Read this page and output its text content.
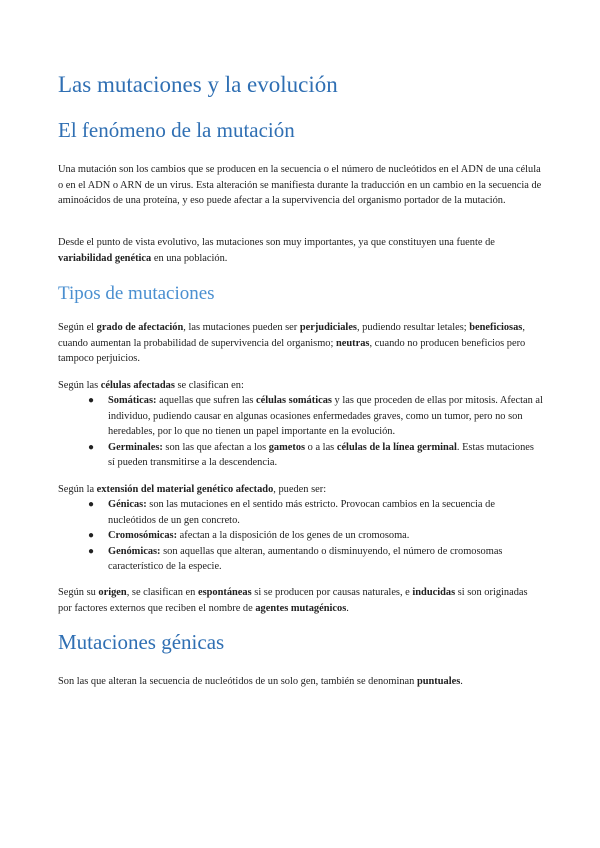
Las mutaciones y la evolución
El fenómeno de la mutación

Una mutación son los cambios que se producen en la secuencia o el número de nucleótidos en el ADN de una célula o en el ADN o ARN de un virus. Esta alteración se manifiesta durante la traducción en un cambio en la secuencia de aminoácidos de una proteína, y eso puede afectar a la supervivencia del organismo portador de la mutación.

Desde el punto de vista evolutivo, las mutaciones son muy importantes, ya que constituyen una fuente de variabilidad genética en una población.

Tipos de mutaciones

Según el grado de afectación, las mutaciones pueden ser perjudiciales, pudiendo resultar letales; beneficiosas, cuando aumentan la probabilidad de supervivencia del organismo; neutras, cuando no producen beneficios pero tampoco perjuicios.

Según las células afectadas se clasifican en:

● Somáticas: aquellas que sufren las células somáticas y las que proceden de ellas por mitosis. Afectan al individuo, pudiendo causar en algunas ocasiones enfermedades graves, como un tumor, pero no son heredables, por lo que no tienen un papel importante en la evolución.
● Germinales: son las que afectan a los gametos o a las células de la línea germinal. Estas mutaciones sí pueden transmitirse a la descendencia.

Según la extensión del material genético afectado, pueden ser:

● Génicas: son las mutaciones en el sentido más estricto. Provocan cambios en la secuencia de nucleótidos de un gen concreto.
● Cromosómicas: afectan a la disposición de los genes de un cromosoma.
● Genómicas: son aquellas que alteran, aumentando o disminuyendo, el número de cromosomas característico de la especie.

Según su origen, se clasifican en espontáneas si se producen por causas naturales, e inducidas si son originadas por factores externos que reciben el nombre de agentes mutagénicos.

Mutaciones génicas

Son las que alteran la secuencia de nucleótidos de un solo gen, también se denominan puntuales.
